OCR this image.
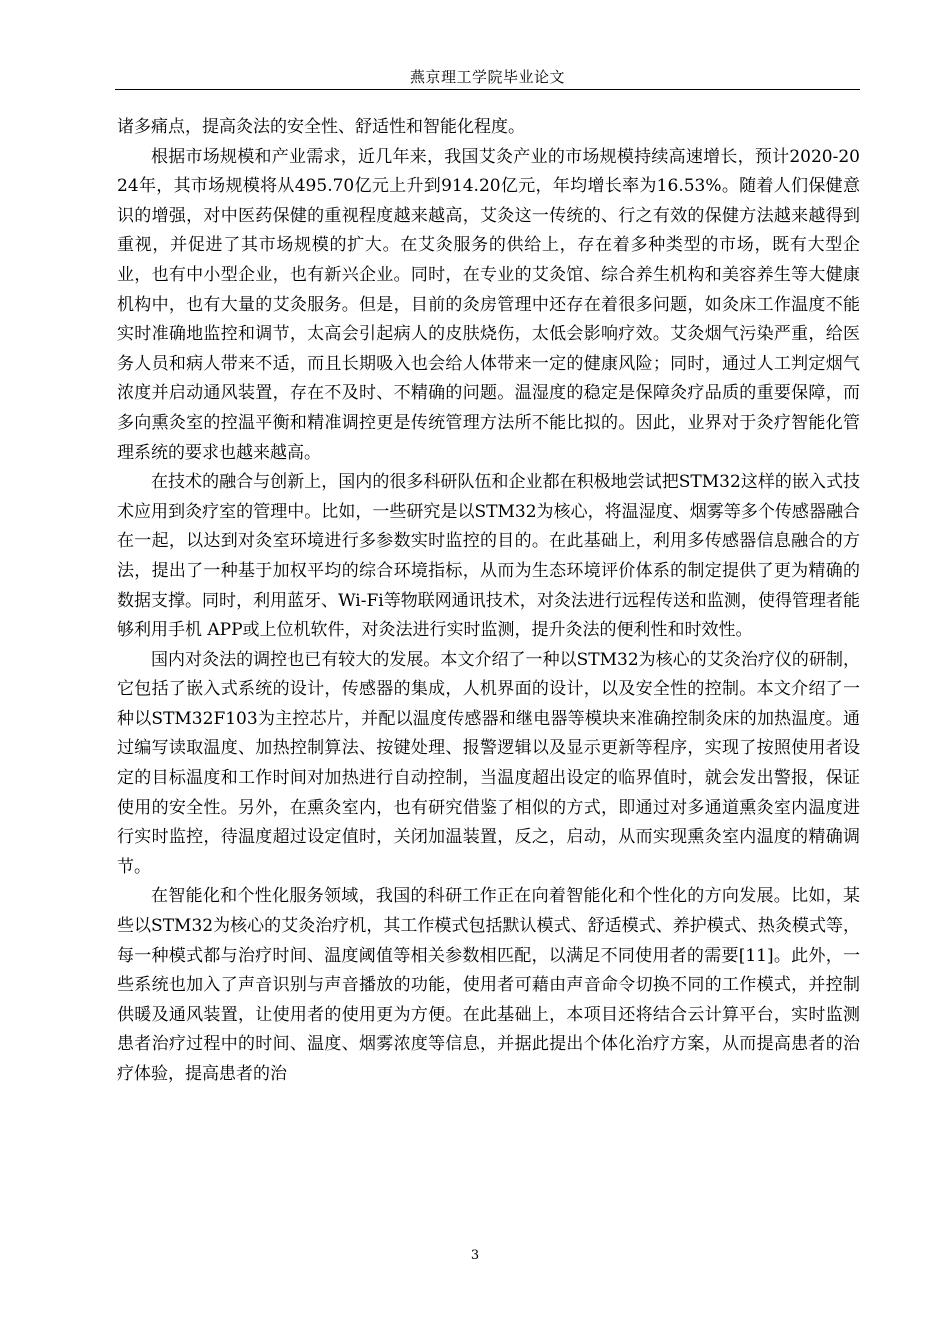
燕京理工学院毕业论文

诸多痛点，提高灸法的安全性、舒适性和智能化程度。

根据市场规模和产业需求，近几年来，我国艾灸产业的市场规模持续高速增长，预计2020-2024年，其市场规模将从495.70亿元上升到914.20亿元，年均增长率为16.53%。随着人们保健意识的增强，对中医药保健的重视程度越来越高，艾灸这一传统的、行之有效的保健方法越来越得到重视，并促进了其市场规模的扩大。在艾灸服务的供给上，存在着多种类型的市场，既有大型企业，也有中小型企业，也有新兴企业。同时，在专业的艾灸馆、综合养生机构和美容养生等大健康机构中，也有大量的艾灸服务。但是，目前的灸房管理中还存在着很多问题，如灸床工作温度不能实时准确地监控和调节，太高会引起病人的皮肤烧伤，太低会影响疗效。艾灸烟气污染严重，给医务人员和病人带来不适，而且长期吸入也会给人体带来一定的健康风险；同时，通过人工判定烟气浓度并启动通风装置，存在不及时、不精确的问题。温湿度的稳定是保障灸疗品质的重要保障，而多向熏灸室的控温平衡和精准调控更是传统管理方法所不能比拟的。因此，业界对于灸疗智能化管理系统的要求也越来越高。

在技术的融合与创新上，国内的很多科研队伍和企业都在积极地尝试把STM32这样的嵌入式技术应用到灸疗室的管理中。比如，一些研究是以STM32为核心，将温湿度、烟雾等多个传感器融合在一起，以达到对灸室环境进行多参数实时监控的目的。在此基础上，利用多传感器信息融合的方法，提出了一种基于加权平均的综合环境指标，从而为生态环境评价体系的制定提供了更为精确的数据支撑。同时，利用蓝牙、Wi-Fi等物联网通讯技术，对灸法进行远程传送和监测，使得管理者能够利用手机 APP或上位机软件，对灸法进行实时监测，提升灸法的便利性和时效性。

国内对灸法的调控也已有较大的发展。本文介绍了一种以STM32为核心的艾灸治疗仪的研制，它包括了嵌入式系统的设计，传感器的集成，人机界面的设计，以及安全性的控制。本文介绍了一种以STM32F103为主控芯片，并配以温度传感器和继电器等模块来准确控制灸床的加热温度。通过编写读取温度、加热控制算法、按键处理、报警逻辑以及显示更新等程序，实现了按照使用者设定的目标温度和工作时间对加热进行自动控制，当温度超出设定的临界值时，就会发出警报，保证使用的安全性。另外，在熏灸室内，也有研究借鉴了相似的方式，即通过对多通道熏灸室内温度进行实时监控，待温度超过设定值时，关闭加温装置，反之，启动，从而实现熏灸室内温度的精确调节。

在智能化和个性化服务领域，我国的科研工作正在向着智能化和个性化的方向发展。比如，某些以STM32为核心的艾灸治疗机，其工作模式包括默认模式、舒适模式、养护模式、热灸模式等，每一种模式都与治疗时间、温度阈值等相关参数相匹配，以满足不同使用者的需要[11]。此外，一些系统也加入了声音识别与声音播放的功能，使用者可藉由声音命令切换不同的工作模式，并控制供暖及通风装置，让使用者的使用更为方便。在此基础上，本项目还将结合云计算平台，实时监测患者治疗过程中的时间、温度、烟雾浓度等信息，并据此提出个体化治疗方案，从而提高患者的治疗体验，提高患者的治

3
